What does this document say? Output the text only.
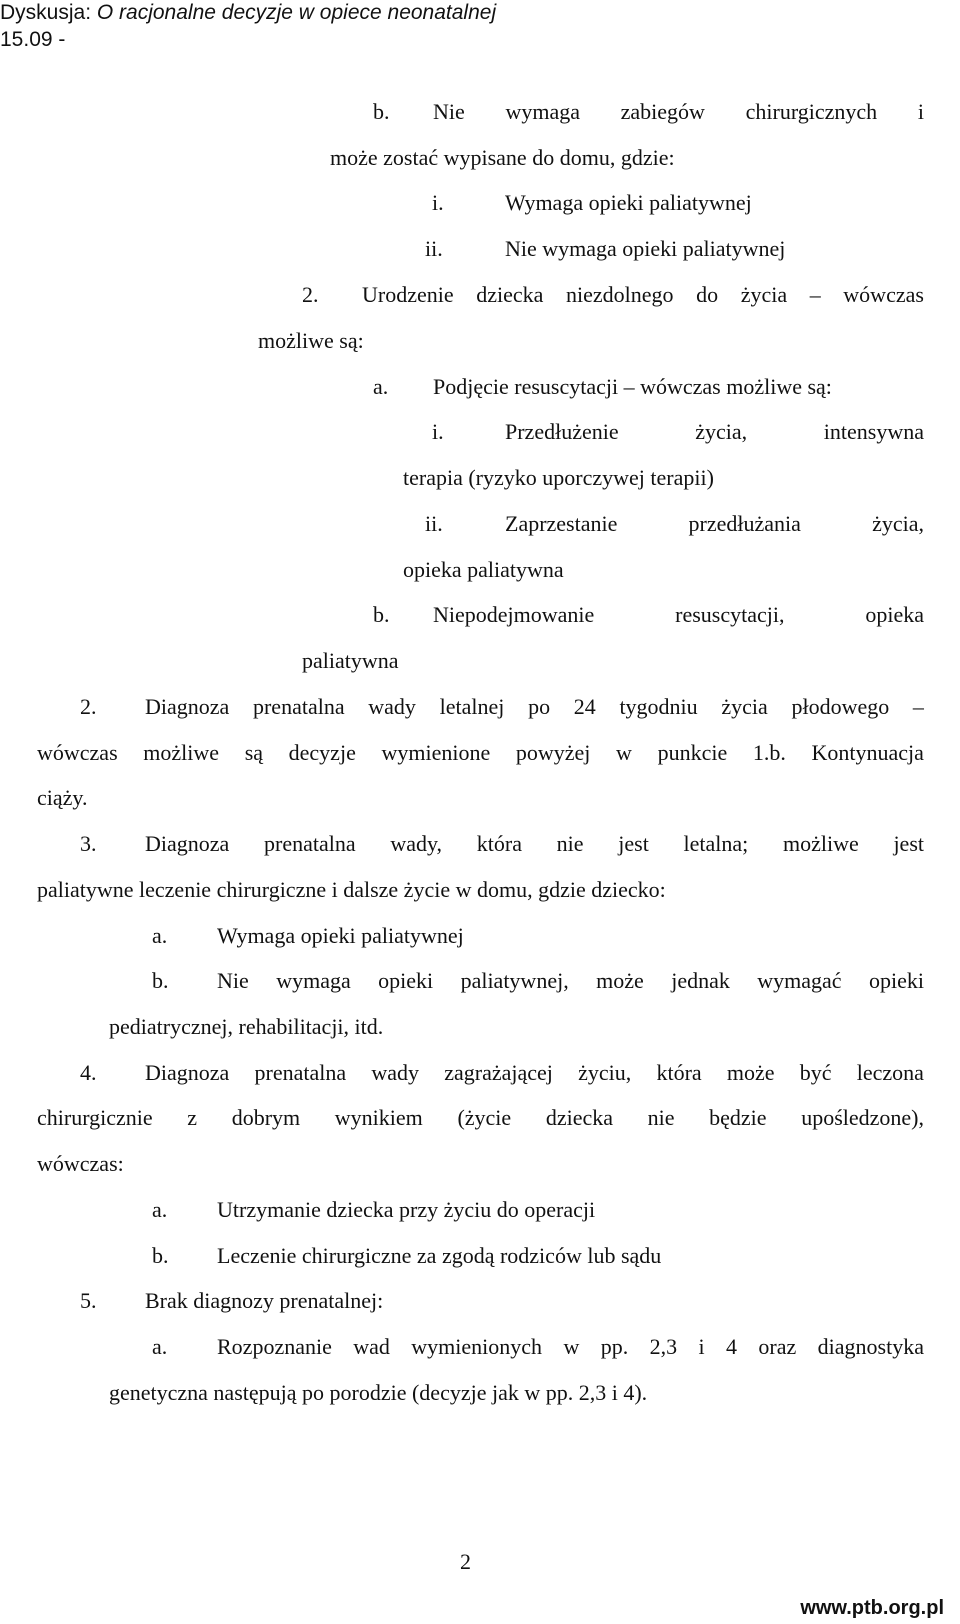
Dyskusja: O racjonalne decyzje w opiece neonatalnej
15.09 -
b. Nie wymaga zabiegów chirurgicznych i
może zostać wypisane do domu, gdzie:
i.	Wymaga opieki paliatywnej
ii.	Nie wymaga opieki paliatywnej
2. Urodzenie dziecka niezdolnego do życia – wówczas
możliwe są:
a. Podjęcie resuscytacji – wówczas możliwe są:
i.	Przedłużenie	życia,	intensywna
terapia (ryzyko uporczywej terapii)
ii.	Zaprzestanie	przedłużania	życia,
opieka paliatywna
b. Niepodejmowanie	resuscytacji,	opieka
paliatywna
2. Diagnoza prenatalna wady letalnej po 24 tygodniu życia płodowego –
wówczas możliwe są decyzje wymienione powyżej w punkcie 1.b. Kontynuacja
ciąży.
3. Diagnoza prenatalna wady, która nie jest letalna; możliwe jest
paliatywne leczenie chirurgiczne i dalsze życie w domu, gdzie dziecko:
a. Wymaga opieki paliatywnej
b. Nie wymaga opieki paliatywnej, może jednak wymagać opieki
pediatrycznej, rehabilitacji, itd.
4. Diagnoza prenatalna wady zagrażającej życiu, która może być leczona
chirurgicznie z dobrym wynikiem (życie dziecka nie będzie upośledzone),
wówczas:
a. Utrzymanie dziecka przy życiu do operacji
b. Leczenie chirurgiczne za zgodą rodziców lub sądu
5. Brak diagnozy prenatalnej:
a. Rozpoznanie wad wymienionych w pp. 2,3 i 4 oraz diagnostyka
genetyczna następują po porodzie (decyzje jak w pp. 2,3 i 4).
2
www.ptb.org.pl
